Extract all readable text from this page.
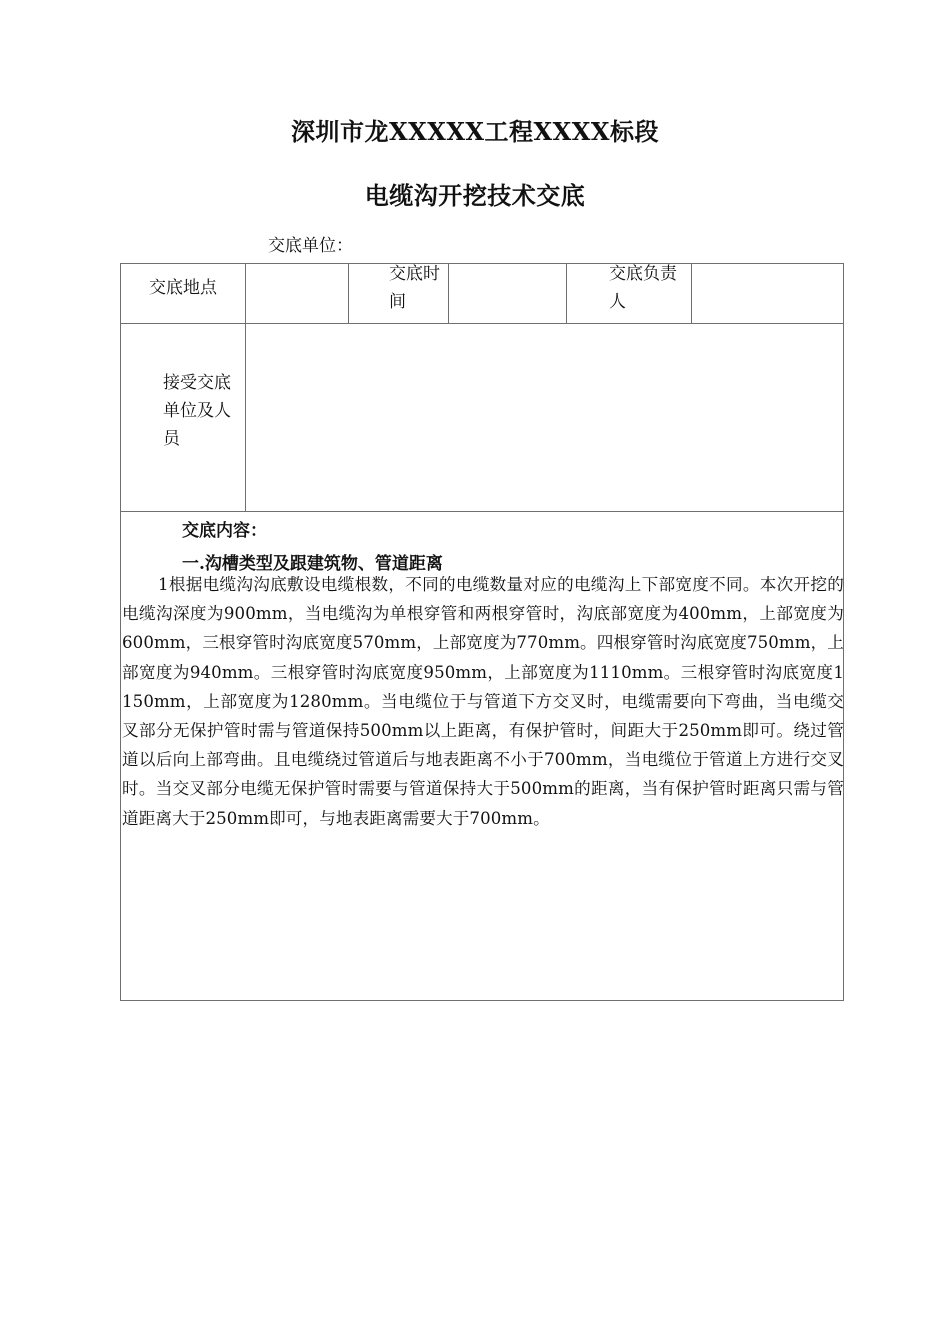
深圳市龙XXXXX工程XXXX标段
电缆沟开挖技术交底
交底单位：
交底地点
交底时间
交底负责人
接受交底单位及人员
交底内容：
一.沟槽类型及跟建筑物、管道距离
1根据电缆沟沟底敷设电缆根数，不同的电缆数量对应的电缆沟上下部宽度不同。本次开挖的电缆沟深度为900mm，当电缆沟为单根穿管和两根穿管时，沟底部宽度为400mm，上部宽度为600mm，三根穿管时沟底宽度570mm，上部宽度为770mm。四根穿管时沟底宽度750mm，上部宽度为940mm。三根穿管时沟底宽度950mm，上部宽度为1110mm。三根穿管时沟底宽度1150mm，上部宽度为1280mm。当电缆位于与管道下方交叉时，电缆需要向下弯曲，当电缆交叉部分无保护管时需与管道保持500mm以上距离，有保护管时，间距大于250mm即可。绕过管道以后向上部弯曲。且电缆绕过管道后与地表距离不小于700mm，当电缆位于管道上方进行交叉时。当交叉部分电缆无保护管时需要与管道保持大于500mm的距离，当有保护管时距离只需与管道距离大于250mm即可，与地表距离需要大于700mm。
